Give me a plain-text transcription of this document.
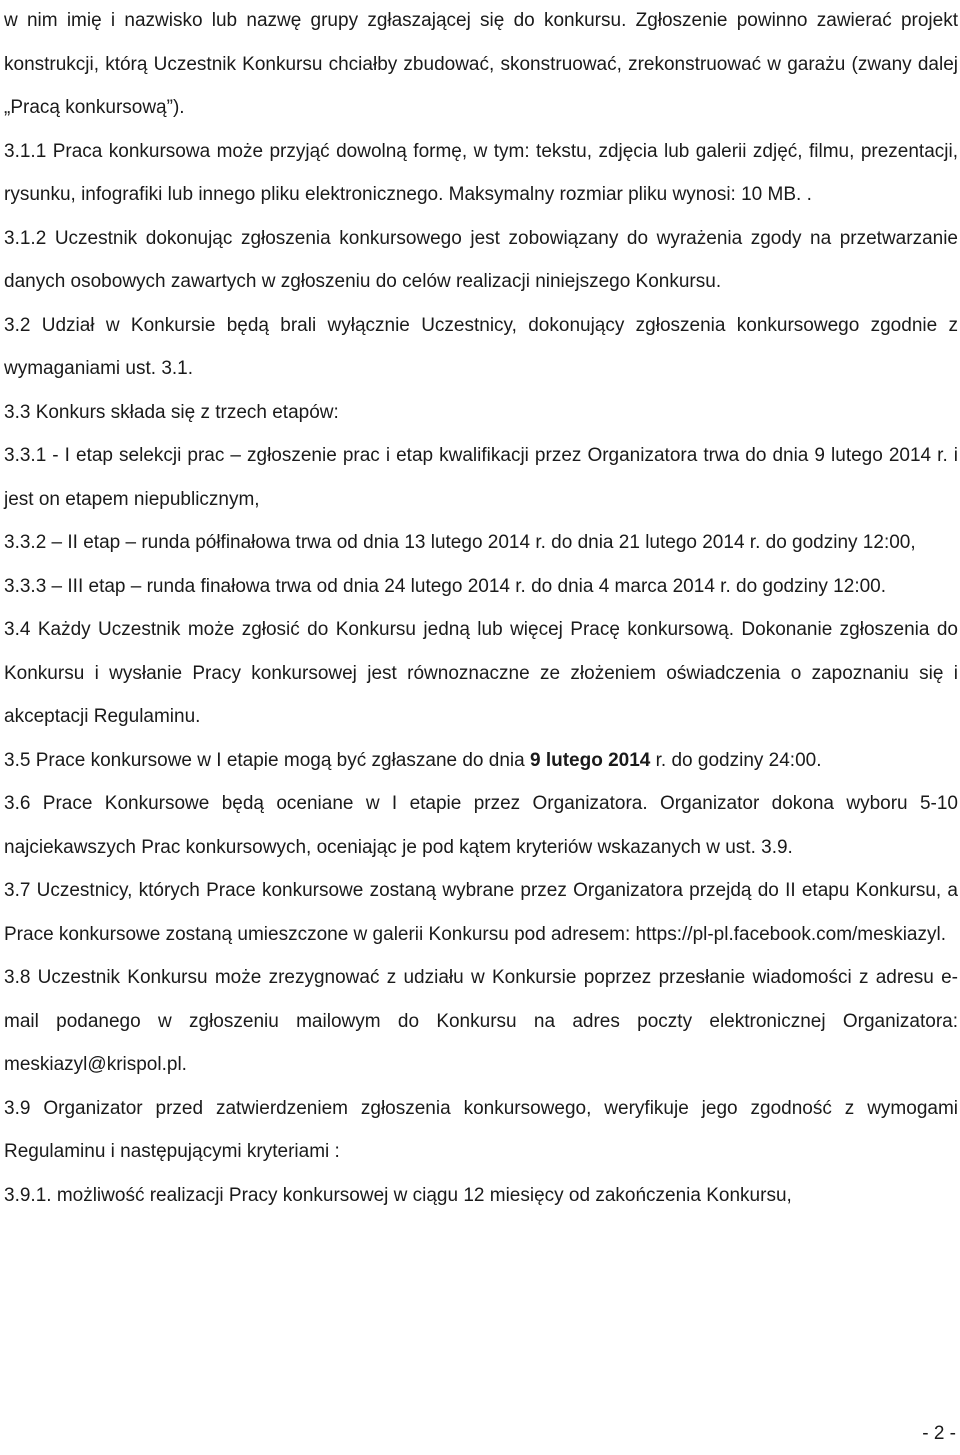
w nim imię i nazwisko lub nazwę grupy zgłaszającej się do konkursu. Zgłoszenie powinno zawierać projekt konstrukcji, którą Uczestnik Konkursu chciałby zbudować, skonstruować, zrekonstruować w garażu (zwany dalej „Pracą konkursową”).

3.1.1 Praca konkursowa może przyjąć dowolną formę, w tym: tekstu, zdjęcia lub galerii zdjęć, filmu, prezentacji, rysunku, infografiki lub innego pliku elektronicznego. Maksymalny rozmiar pliku wynosi: 10 MB. .

3.1.2 Uczestnik dokonując zgłoszenia konkursowego jest zobowiązany do wyrażenia zgody na przetwarzanie danych osobowych zawartych w zgłoszeniu do celów realizacji niniejszego Konkursu.

3.2 Udział w Konkursie będą brali wyłącznie Uczestnicy, dokonujący zgłoszenia konkursowego zgodnie z wymaganiami ust. 3.1.

3.3 Konkurs składa się z trzech etapów:

3.3.1 - I etap selekcji prac – zgłoszenie prac i etap kwalifikacji przez Organizatora trwa do dnia 9 lutego 2014 r. i jest on etapem niepublicznym,

3.3.2 – II etap – runda półfinałowa trwa od dnia 13 lutego 2014 r. do dnia 21 lutego 2014 r. do godziny 12:00,

3.3.3 – III etap – runda finałowa trwa od dnia 24 lutego 2014 r. do dnia 4 marca 2014 r. do godziny 12:00.

3.4 Każdy Uczestnik może zgłosić do Konkursu jedną lub więcej Pracę konkursową. Dokonanie zgłoszenia do Konkursu i wysłanie Pracy konkursowej jest równoznaczne ze złożeniem oświadczenia o zapoznaniu się i akceptacji Regulaminu.

3.5 Prace konkursowe w I etapie mogą być zgłaszane do dnia 9 lutego 2014 r. do godziny 24:00.

3.6 Prace Konkursowe będą oceniane w I etapie przez Organizatora. Organizator dokona wyboru 5-10 najciekawszych Prac konkursowych, oceniając je pod kątem kryteriów wskazanych w ust. 3.9.

3.7 Uczestnicy, których Prace konkursowe zostaną wybrane przez Organizatora przejdą do II etapu Konkursu, a Prace konkursowe zostaną umieszczone w galerii Konkursu pod adresem: https://pl-pl.facebook.com/meskiazyl.

3.8 Uczestnik Konkursu może zrezygnować z udziału w Konkursie poprzez przesłanie wiadomości z adresu e-mail podanego w zgłoszeniu mailowym do Konkursu na adres poczty elektronicznej Organizatora: meskiazyl@krispol.pl.

3.9 Organizator przed zatwierdzeniem zgłoszenia konkursowego, weryfikuje jego zgodność z wymogami Regulaminu i następującymi kryteriami :

3.9.1. możliwość realizacji Pracy konkursowej w ciągu 12 miesięcy od zakończenia Konkursu,

- 2 -
